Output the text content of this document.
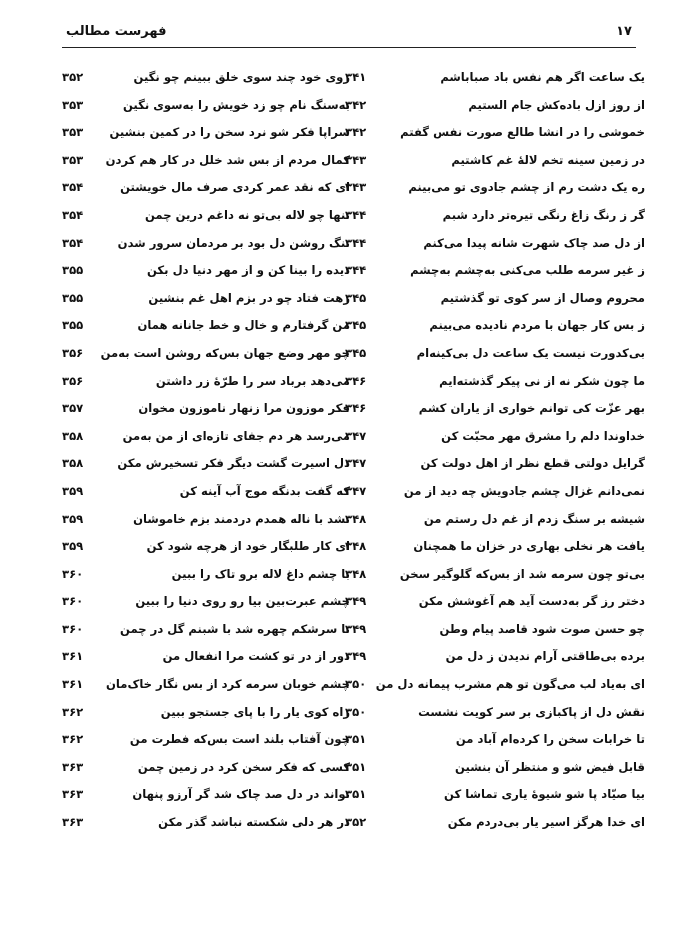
فهرست مطالب	۱۷
یک ساعت اگر هم نفس باد صباباشم
۳۴۱
از روز ازل باده‌کش جام الستیم
۳۴۲
خموشی را در انشا طالع صورت نفس گفتم
۳۴۲
در زمین سینه تخم لالهٔ غم کاشتیم
۳۴۳
ره یک دشت رم از چشم جادوی تو می‌بینم
۳۴۳
گر ز رنگ زاغ رنگی تیره‌تر دارد شبم
۳۴۴
از دل صد چاک شهرت شانه پیدا می‌کنم
۳۴۴
ز غیر سرمه طلب می‌کنی به‌چشم به‌چشم
۳۴۴
محروم وصال از سر کوی تو گذشتیم
۳۴۵
ز بس کار جهان با مردم نادیده می‌بینم
۳۴۵
بی‌کدورت نیست یک ساعت دل بی‌کینه‌ام
۳۴۵
ما چون شکر نه از نی پیکر گذشته‌ایم
۳۴۶
بهر عزّت کی توانم خواری از یاران کشم
۳۴۶
خداوندا دلم را مشرق مهر محبّت کن
۳۴۷
گرایل دولتی قطع نظر از اهل دولت کن
۳۴۷
نمی‌دانم غزال چشم جادویش چه دید از من
۳۴۷
شیشه بر سنگ زدم از غم دل رستم من
۳۴۸
یافت هر نخلی بهاری در خزان ما همچنان
۳۴۸
بی‌تو چون سرمه شد از بس‌که گلوگیر سخن
۳۴۸
دختر رز گر به‌دست آید هم آغوشش مکن
۳۴۹
چو حسن صوت شود قاصد پیام وطن
۳۴۹
برده بی‌طاقتی آرام ندیدن ز دل من
۳۴۹
ای به‌یاد لب می‌گون تو هم مشرب پیمانه دل من
۳۵۰
نقش دل از پاکبازی بر سر کویت نشست
۳۵۰
تا خرابات سخن را کرده‌ام آباد من
۳۵۱
قابل فیض شو و منتظر آن بنشین
۳۵۱
بیا صیّاد پا شو شیوهٔ یاری تماشا کن
۳۵۱
ای خدا هرگز اسیر یار بی‌دردم مکن
۳۵۲
روی خود چند سوی خلق ببینم چو نگین
۳۵۲
به‌سنگ نام چو زد خویش را به‌سوی نگین
۳۵۳
سراپا فکر شو نرد سخن را در کمین بنشین
۳۵۳
کمال مردم از بس شد خلل در کار هم کردن
۳۵۳
ای که نقد عمر کردی صرف مال خویشتن
۳۵۴
تنها چو لاله بی‌تو نه داغم درین چمن
۳۵۴
تنگ روشن دل بود بر مردمان سرور شدن
۳۵۴
دیده را بینا کن و از مهر دنیا دل بکن
۳۵۵
رهت فتاد چو در بزم اهل غم بنشین
۳۵۵
من گرفتارم و خال و خط جانانه همان
۳۵۵
چو مهر وضع جهان بس‌که روشن است به‌من
۳۵۶
می‌دهد برباد سر را طرّهٔ زر داشتن
۳۵۶
فکر موزون مرا زنهار ناموزون مخوان
۳۵۷
می‌رسد هر دم جفای تازه‌ای از من به‌من
۳۵۸
دل اسیرت گشت دیگر فکر تسخیرش مکن
۳۵۸
که گفت بدنگه موج آب آینه کن
۳۵۹
نشد با ناله همدم دردمند بزم خاموشان
۳۵۹
ای کار طلبگار خود از هرچه شود کن
۳۵۹
با چشم داغ لاله برو تاک را ببین
۳۶۰
چشم عبرت‌بین بیا رو روی دنیا را ببین
۳۶۰
تا سرشکم چهره شد با شبنم گل در چمن
۳۶۰
دور از در تو کشت مرا انفعال من
۳۶۱
چشم خوبان سرمه کرد از بس نگار خاک‌مان
۳۶۱
راه کوی یار را با پای جستجو ببین
۳۶۲
چون آفتاب بلند است بس‌که فطرت من
۳۶۲
کسی که فکر سخن کرد در زمین چمن
۳۶۳
تواند در دل صد چاک شد گر آرزو پنهان
۳۶۳
در هر دلی شکسته نباشد گذر مکن
۳۶۳
